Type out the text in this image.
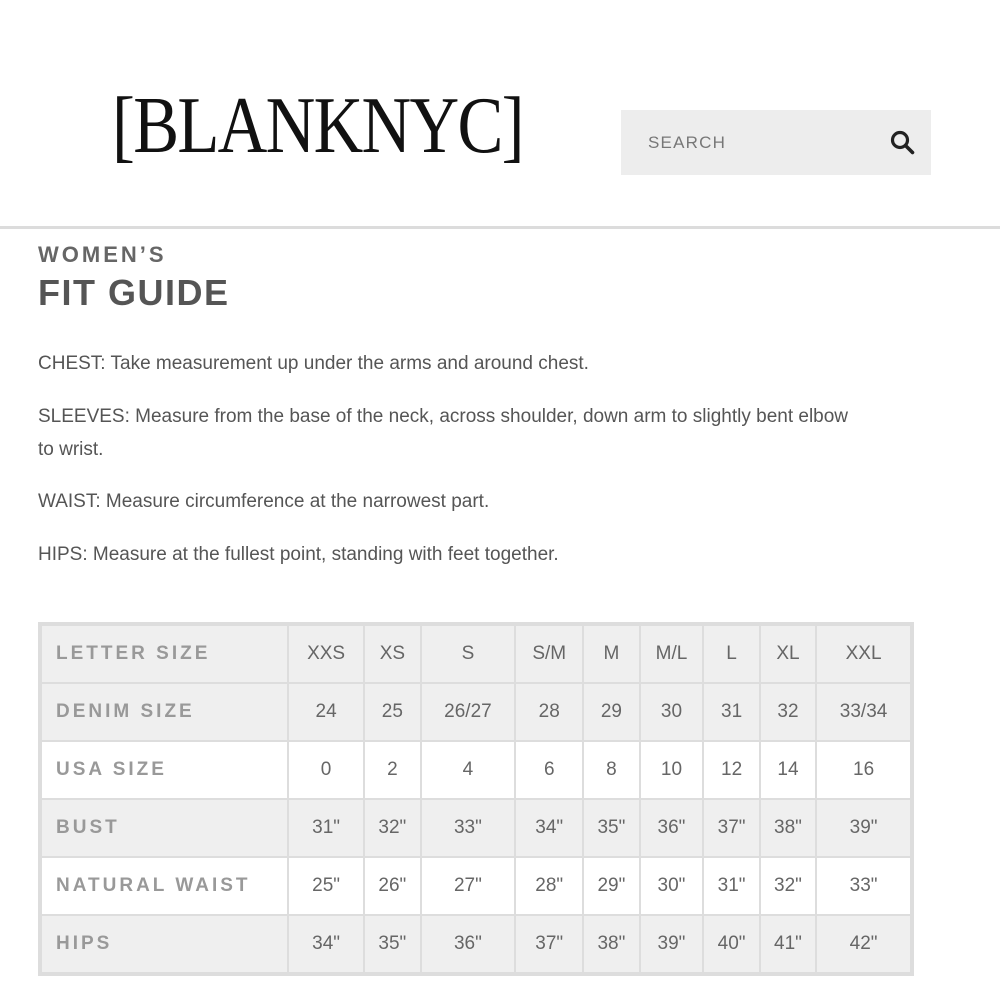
[BLANKNYC]	SEARCH
WOMEN’S
FIT GUIDE
CHEST: Take measurement up under the arms and around chest.
SLEEVES: Measure from the base of the neck, across shoulder, down arm to slightly bent elbow
to wrist.
WAIST: Measure circumference at the narrowest part.
HIPS: Measure at the fullest point, standing with feet together.
LETTER SIZE	XXS	XS	S	S/M	M	M/L	L	XL	XXL
DENIM SIZE	24	25	26/27	28	29	30	31	32	33/34
USA SIZE	0	2	4	6	8	10	12	14	16
BUST	31"	32"	33"	34"	35"	36"	37"	38"	39"
NATURAL WAIST	25"	26"	27"	28"	29"	30"	31"	32"	33"
HIPS	34"	35"	36"	37"	38"	39"	40"	41"	42"
